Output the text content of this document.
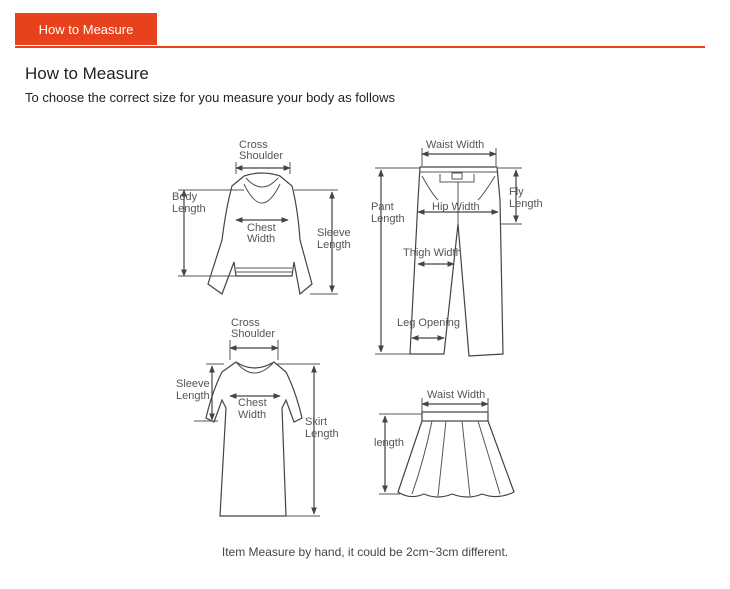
How to Measure
How to Measure

To choose the correct size for you measure your body as follows

Cross Shoulder
Body Length
Chest Width	Sleeve Length
Waist Width
Pant Length
Hip Width
Fly Length
Thigh Width
Leg Opening
Cross Shoulder
Sleeve Length
Chest Width
Skirt Length
Waist Width
length
Item Measure by hand, it could be 2cm~3cm different.
